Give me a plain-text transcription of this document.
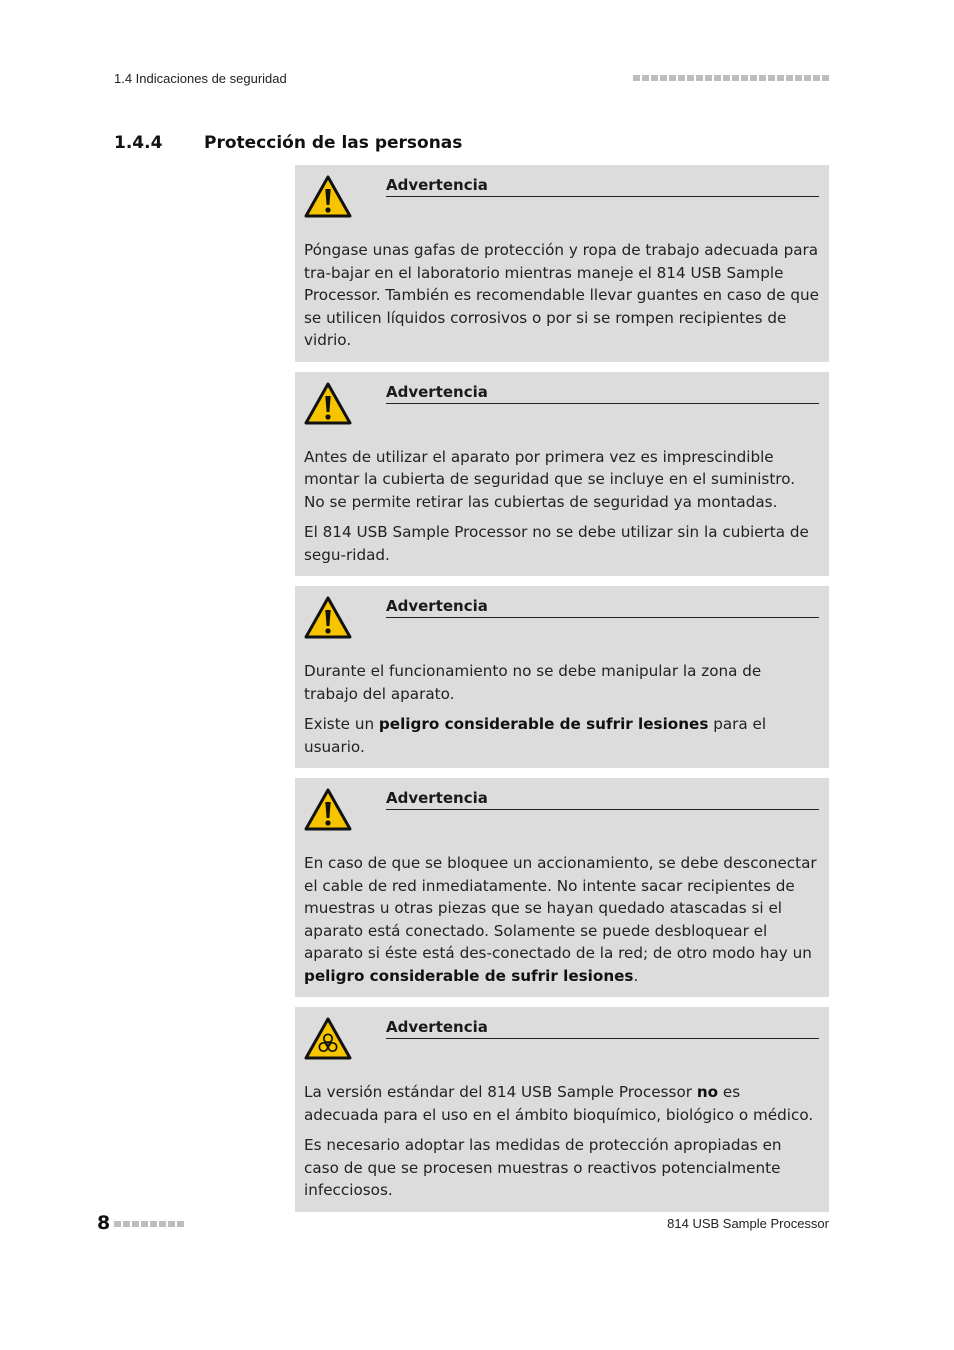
1.4 Indicaciones de seguridad
1.4.4 Protección de las personas
Advertencia

Póngase unas gafas de protección y ropa de trabajo adecuada para tra-bajar en el laboratorio mientras maneje el 814 USB Sample Processor. También es recomendable llevar guantes en caso de que se utilicen líquidos corrosivos o por si se rompen recipientes de vidrio.

Advertencia

Antes de utilizar el aparato por primera vez es imprescindible montar la cubierta de seguridad que se incluye en el suministro. No se permite retirar las cubiertas de seguridad ya montadas.

El 814 USB Sample Processor no se debe utilizar sin la cubierta de segu-ridad.

Advertencia

Durante el funcionamiento no se debe manipular la zona de trabajo del aparato.

Existe un peligro considerable de sufrir lesiones para el usuario.

Advertencia

En caso de que se bloquee un accionamiento, se debe desconectar el cable de red inmediatamente. No intente sacar recipientes de muestras u otras piezas que se hayan quedado atascadas si el aparato está conectado. Solamente se puede desbloquear el aparato si éste está des-conectado de la red; de otro modo hay un peligro considerable de sufrir lesiones.

Advertencia

La versión estándar del 814 USB Sample Processor no es adecuada para el uso en el ámbito bioquímico, biológico o médico.

Es necesario adoptar las medidas de protección apropiadas en caso de que se procesen muestras o reactivos potencialmente infecciosos.

8	814 USB Sample Processor
